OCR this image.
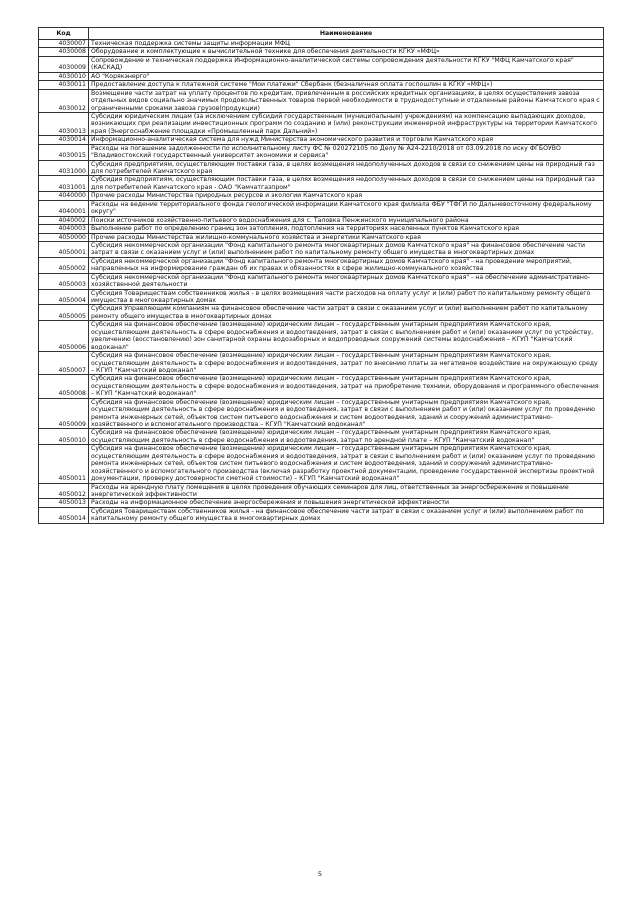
Код	Наименование
4030007	Техническая поддержка системы защиты информации МФЦ
4030008	Оборудование и комплектующие к вычислительной технике для обеспечения деятельности КГКУ «МФЦ»
4030009	Сопровождение и техническая поддержка Информационно-аналитической системы сопровождения деятельности КГКУ "МФЦ Камчатского края" (КАСКАД)
4030010	АО "Корякэнерго"
4030011	Предоставление доступа к платежной системе "Мои платежи" Сбербанк (безналичная оплата госпошлин в КГКУ «МФЦ»)
4030012	Возмещение части затрат на уплату процентов по кредитам, привлеченным в российских кредитных организациях, в целях осуществления завоза отдельных видов социально значимых продовольственных товаров первой необходимости в труднодоступные и отдаленные районы Камчатского края с ограниченными сроками завоза грузов(продукции)
4030013	Субсидии юридическим лицам (за исключением субсидий государственным (муниципальным) учреждениям) на компенсацию выпадающих доходов, возникающих при реализации инвестиционных программ по созданию и (или) реконструкции инженерной инфраструктуры на территории Камчатского края (Энергоснабжение площадки «Промышленный парк Дальний»)
4030014	Информационно-аналитическая система для нужд Министерства экономического развития и торговли Камчатского края
4030015	Расходы на погашение задолженности по исполнительному листу ФС № 020272105 по Делу № А24-2210/2018 от 03.09.2018 по иску ФГБОУВО "Владивостокский государственный университет экономики и сервиса"
4031000	Субсидия предприятиям, осуществляющим поставки газа, в целях возмещения недополученных доходов в связи со снижением цены на природный газ для потребителей Камчатского края
4031001	Субсидия предприятиям, осуществляющим поставки газа, в целях возмещения недополученных доходов в связи со снижением цены на природный газ для потребителей Камчатского края - ОАО "Камчатгазпром"
4040000	Прочие расходы Министерства природных ресурсов и экологии Камчатского края
4040001	Расходы на ведение территориального фонда геологической информации Камчатского края филиала ФБУ "ТФГИ по Дальневосточному федеральному округу"
4040002	Поиски источников хозяйственно-питьевого водоснабжения для с. Таловка Пенжинского муниципального района
4040003	Выполнение работ по определению границ зон затопления, подтопления на территориях населенных пунктов Камчатского края
4050000	Прочие расходы Министерства жилищно-коммунального хозяйства и энергетики Камчатского края
4050001	Субсидия некоммерческой организации "Фонд капитального ремонта многоквартирных домов Камчатского края" на финансовое обеспечение части затрат в связи с оказанием услуг и (или) выполнением работ по капитальному ремонту общего имущества в многоквартирных домах
4050002	Субсидия некоммерческой организации "Фонд капитального ремонта многоквартирных домов Камчатского края" - на проведение мероприятий, направленных на информирование граждан об их правах и обязанностях в сфере жилищно-коммунального хозяйства
4050003	Субсидия некоммерческой организации "Фонд капитального ремонта многоквартирных домов Камчатского края" - на обеспечение административно-хозяйственной деятельности
4050004	Субсидия Товариществам собственников жилья - в целях возмещения части расходов на оплату услуг и (или) работ по капитальному ремонту общего имущества в многоквартирных домах
4050005	Субсидия Управляющим компаниям на финансовое обеспечение части затрат в связи с оказанием услуг и (или) выполнением работ по капитальному ремонту общего имущества в многоквартирных домах
4050006	Субсидия на финансовое обеспечение (возмещение) юридическим лицам – государственным унитарным предприятиям Камчатского края, осуществляющим деятельность в сфере водоснабжения и водоотведения, затрат в связи с выполнением работ и (или) оказанием услуг по устройству, увеличению (восстановлению) зон санитарной охраны водозаборных и водопроводных сооружений системы водоснабжения – КГУП "Камчатский водоканал"
4050007	Субсидия на финансовое обеспечение (возмещение) юридическим лицам – государственным унитарным предприятиям Камчатского края, осуществляющим деятельность в сфере водоснабжения и водоотведения, затрат по внесению платы за негативное воздействие на окружающую среду – КГУП "Камчатский водоканал"
4050008	Субсидия на финансовое обеспечение (возмещение) юридическим лицам – государственным унитарным предприятиям Камчатского края, осуществляющим деятельность в сфере водоснабжения и водоотведения, затрат на приобретение техники, оборудования и программного обеспечения – КГУП "Камчатский водоканал"
4050009	Субсидия на финансовое обеспечение (возмещение) юридическим лицам – государственным унитарным предприятиям Камчатского края, осуществляющим деятельность в сфере водоснабжения и водоотведения, затрат в связи с выполнением работ и (или) оказанием услуг по проведению ремонта инженерных сетей, объектов систем питьевого водоснабжения и систем водоотведения, зданий и сооружений административно-хозяйственного и вспомогательного производства – КГУП "Камчатский водоканал"
4050010	Субсидия на финансовое обеспечение (возмещение) юридическим лицам – государственным унитарным предприятиям Камчатского края, осуществляющим деятельность в сфере водоснабжения и водоотведения, затрат по арендной плате – КГУП "Камчатский водоканал"
4050011	Субсидия на финансовое обеспечение (возмещение) юридическим лицам – государственным унитарным предприятиям Камчатского края, осуществляющим деятельность в сфере водоснабжения и водоотведения, затрат в связи с выполнением работ и (или) оказанием услуг по проведению ремонта инженерных сетей, объектов систем питьевого водоснабжения и систем водоотведения, зданий и сооружений административно-хозяйственного и вспомогательного производства (включая разработку проектной документации, проведение государственной экспертизы проектной документации, проверку достоверности сметной стоимости) – КГУП "Камчатский водоканал"
4050012	Расходы на арендную плату помещения в целях проведения обучающих семинаров для лиц, ответственных за энергосбережение и повышение энергетической эффективности
4050013	Расходы на информационное обеспечение энергосбережения и повышения энергетической эффективности
4050014	Субсидия Товариществам собственников жилья - на финансовое обеспечение части затрат в связи с оказанием услуг и (или) выполнением работ по капитальному ремонту общего имущества в многоквартирных домах
5
